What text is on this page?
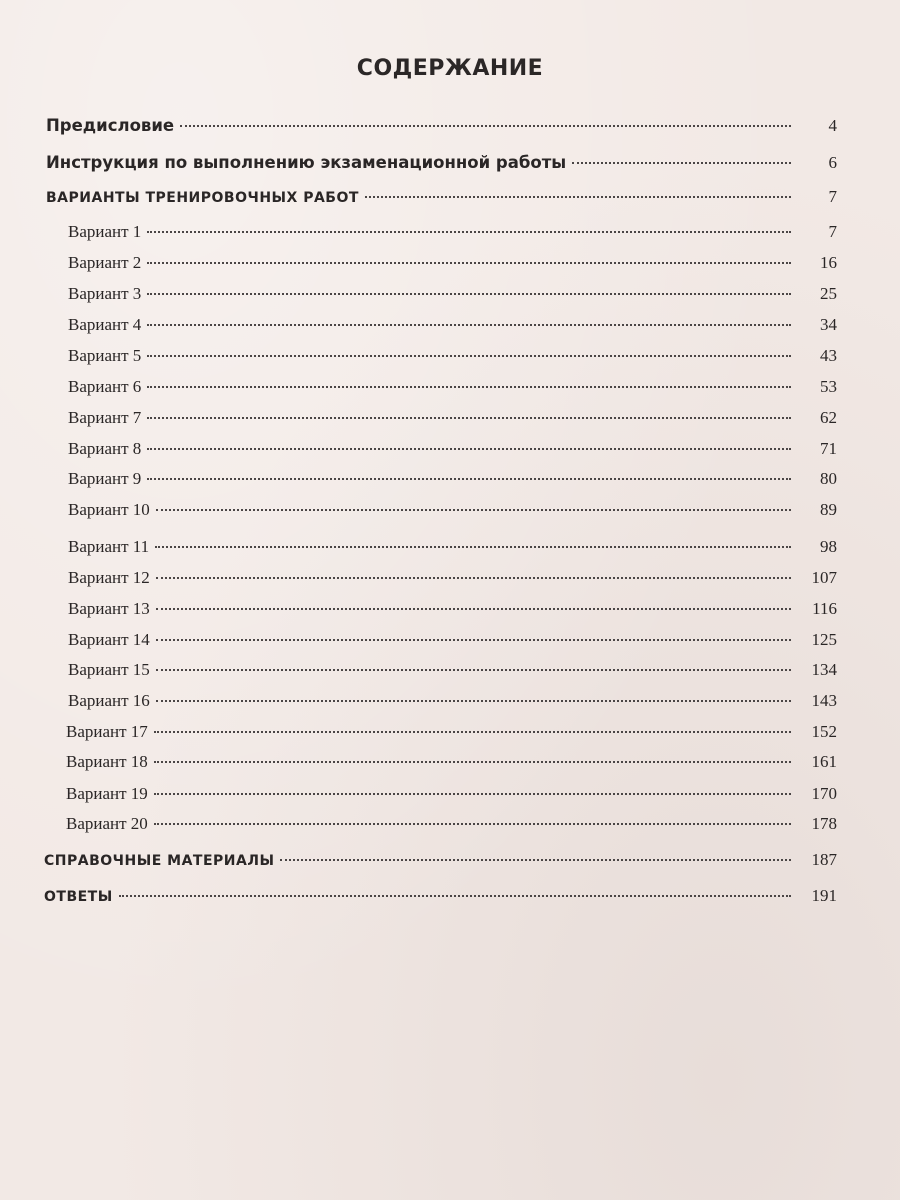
СОДЕРЖАНИЕ
Предисловие	4
Инструкция по выполнению экзаменационной работы	6
ВАРИАНТЫ ТРЕНИРОВОЧНЫХ РАБОТ	7
Вариант 1	7
Вариант 2	16
Вариант 3	25
Вариант 4	34
Вариант 5	43
Вариант 6	53
Вариант 7	62
Вариант 8	71
Вариант 9	80
Вариант 10	89
Вариант 11	98
Вариант 12	107
Вариант 13	116
Вариант 14	125
Вариант 15	134
Вариант 16	143
Вариант 17	152
Вариант 18	161
Вариант 19	170
Вариант 20	178
СПРАВОЧНЫЕ МАТЕРИАЛЫ	187
ОТВЕТЫ	191
